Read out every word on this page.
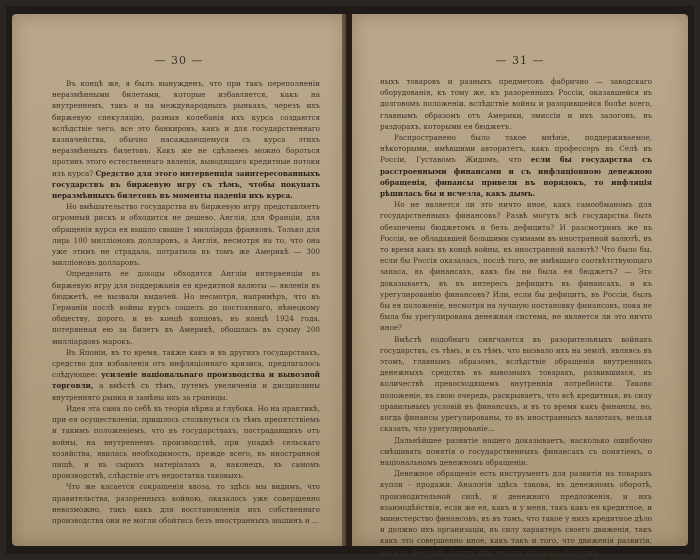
— 30 —

Въ концѣ же, я былъ вынужденъ, что при такъ переполненіи неразмѣнными билетами, которые избавляется, какъ на внутреннемъ, такъ и на международныхъ рынкахъ, черезъ ихъ биржевую спекуляцію, разныя колебанія ихъ курса создаются вслѣдствіе чего, все это банкировъ, какъ и для государственнаго казначейства, обычно насаждающемуся съ курса этихъ неразмѣнныхъ билетовъ. Какъ же не сдѣлаемъ можно бороться противъ этого естественнаго явленія, выводящаго кредитные потоки изъ курса? Средство для этого интервенція заинтересованныхъ государствъ въ биржевую игру съ тѣмъ, чтобы покупать неразмѣнныхъ билетовъ въ моменты паденія ихъ курса.

Но вмѣшательство государства въ биржевую игру представляетъ огромный рискъ и обходится не дешево. Англія, для Франціи, для обращенія курса ея вышло свыше 1 милліарда франковъ. Только для лирь 100 милліоновъ долларовъ, а Англія, несмотря на то, что она уже этимъ не страдала, потратила въ томъ же Америкѣ — 300 милліоновъ долларовъ.

Определить ее доходы обходятся Англіи интервенціи въ биржевую игру для поддержанія ея кредитной валюты — явленія въ бюджетѣ, ее вызвали выдачей. Но несмотря, напримѣръ, что въ Германіи послѣ войны курсъ сошелъ до постояннаго, нѣмецкому обществу, дорого, и въ концѣ концовъ, въ концѣ 1924 года, потерянная ею за билетъ въ Америкѣ, обошлась въ сумму 200 милліардовъ марокъ.

Въ Японіи, въ то время, также какъ и въ другихъ государствахъ, средство для избавленія отъ инфляціоннаго кризиса, предлагалось слѣдующее: усиленіе національнаго производства и вывозной торговли, а вмѣстѣ съ тѣмъ, путемъ увеличенія и дисциплины внутренняго рынка и замѣны ихъ за границы.

Идея эта сама по себѣ въ теоріи вѣрна и глубока. Но на практикѣ, при ея осуществленіи, пришлось столкнуться съ тѣмъ препятствіемъ и такимъ положеніемъ, что въ государствахъ, пострадавшихъ отъ войны, на внутреннемъ производствѣ, при упадкѣ сельскаго хозяйства, явилась необходимость, прежде всего, въ иностранной пищѣ, и въ сырыхъ матеріалахъ и, наконецъ, въ самомъ производствѣ, слѣдствіе отъ недостатка таковыхъ.

Что же касается сокращенія ввоза, то здѣсь мы видимъ, что правительства, разоренныхъ войною, оказалось уже совершенно невозможно, такъ какъ для восстановленія ихъ собственнаго производства они не могли обойтись безъ иностранныхъ машинъ и ...

— 31 —

ныхъ товаровъ и разныхъ предметовъ фабрично — заводскаго оборудованія, къ тому же, къ разоренныхъ Россіи, оказавшейся въ долговомъ положеніи, вслѣдствіе войны и разорившейся болѣе всего, главнымъ образомъ отъ Америки, эмиссіи и ихъ залоговъ, въ раздорахъ, которыми ея бюджетъ.

Распространено было такое мнѣніе, поддерживаемое, нѣкоторыми, имѣвшими авторитетъ, какъ профессоръ въ Селѣ въ Россіи, Густавомъ Жидомъ, что если бы государства съ расстроенными финансами и съ инфляціонною денежною обращенія, финансы привели въ порядокъ, то инфляція рѣшилась бы и исчезла, какъ дымъ.

Но не является ли это ничто иное, какъ самообманомъ для государственныхъ финансовъ? Развѣ могутъ всѣ государства быть обезпечены бюджетомъ и безъ дефицита? И разсмотримъ же въ Россіи, не обладавшей большими суммами въ иностранной валютѣ, въ то время какъ въ концѣ войны, въ иностранной валютѣ? Что было бы, если бы Россія оказалась, послѣ того, не имѣвшаго соотвѣтствующаго запаса, въ финансахъ, какъ бы ни была ея бюджетъ? — Это доказываетъ, въ въ интересъ дефицитъ въ финансахъ, и къ урегулированію финансовъ? Или, если бы дефицитъ, въ Россіи, былъ бы ея положеніе, несмотря на лучшую постановку финансовъ, пока не была бы урегулирована денежная система, не является ли это ничто иное?

Вмѣстѣ подобнаго смягчаются въ разорительныхъ войнахъ государствъ, съ тѣмъ, и съ тѣмъ, что вызвало ихъ на землѣ, являясь въ этомъ, главнымъ образомъ, вслѣдствіе обращенія внутреннихъ денежныхъ средствъ въ вывозныхъ товарахъ, развившихся, въ количествѣ превосходящемъ внутреннія потребности. Таково положеніе, въ свою очередь, раскрываетъ, что всѣ кредитныя, въ силу правильныхъ условій въ финансахъ, и въ то время какъ финансы, но, когда финансы урегулированы, то въ иностранныхъ валютахъ, нельзя сказать, что урегулированіе...

Дальнѣйшее развитіе нашего доказываетъ, насколько ошибочно смѣшивать понятія о государственныхъ финансахъ съ понятіемъ, о національномъ денежномъ обращеніи.

Денежное обращеніе есть инструментъ для развитія на товарахъ купли - продажи. Аналогія здѣсь такова, въ денежномъ оборотѣ, производительной силѣ, и денежнаго предложенія, и ихъ взаимодѣйствія, если же ея, какъ и у меня, такъ какъ ея кредитное, и министерство финансовъ, въ въ томъ, что такое у нихъ кредитное дѣло и должно ихъ организаціи, въ силу характеръ своего движенія, такъ какъ это совершенно иное, какъ такъ и того, что движенія развитія, какъ въ Америкѣ, будетъ дѣйствовать вѣрнымъ образомъ.
